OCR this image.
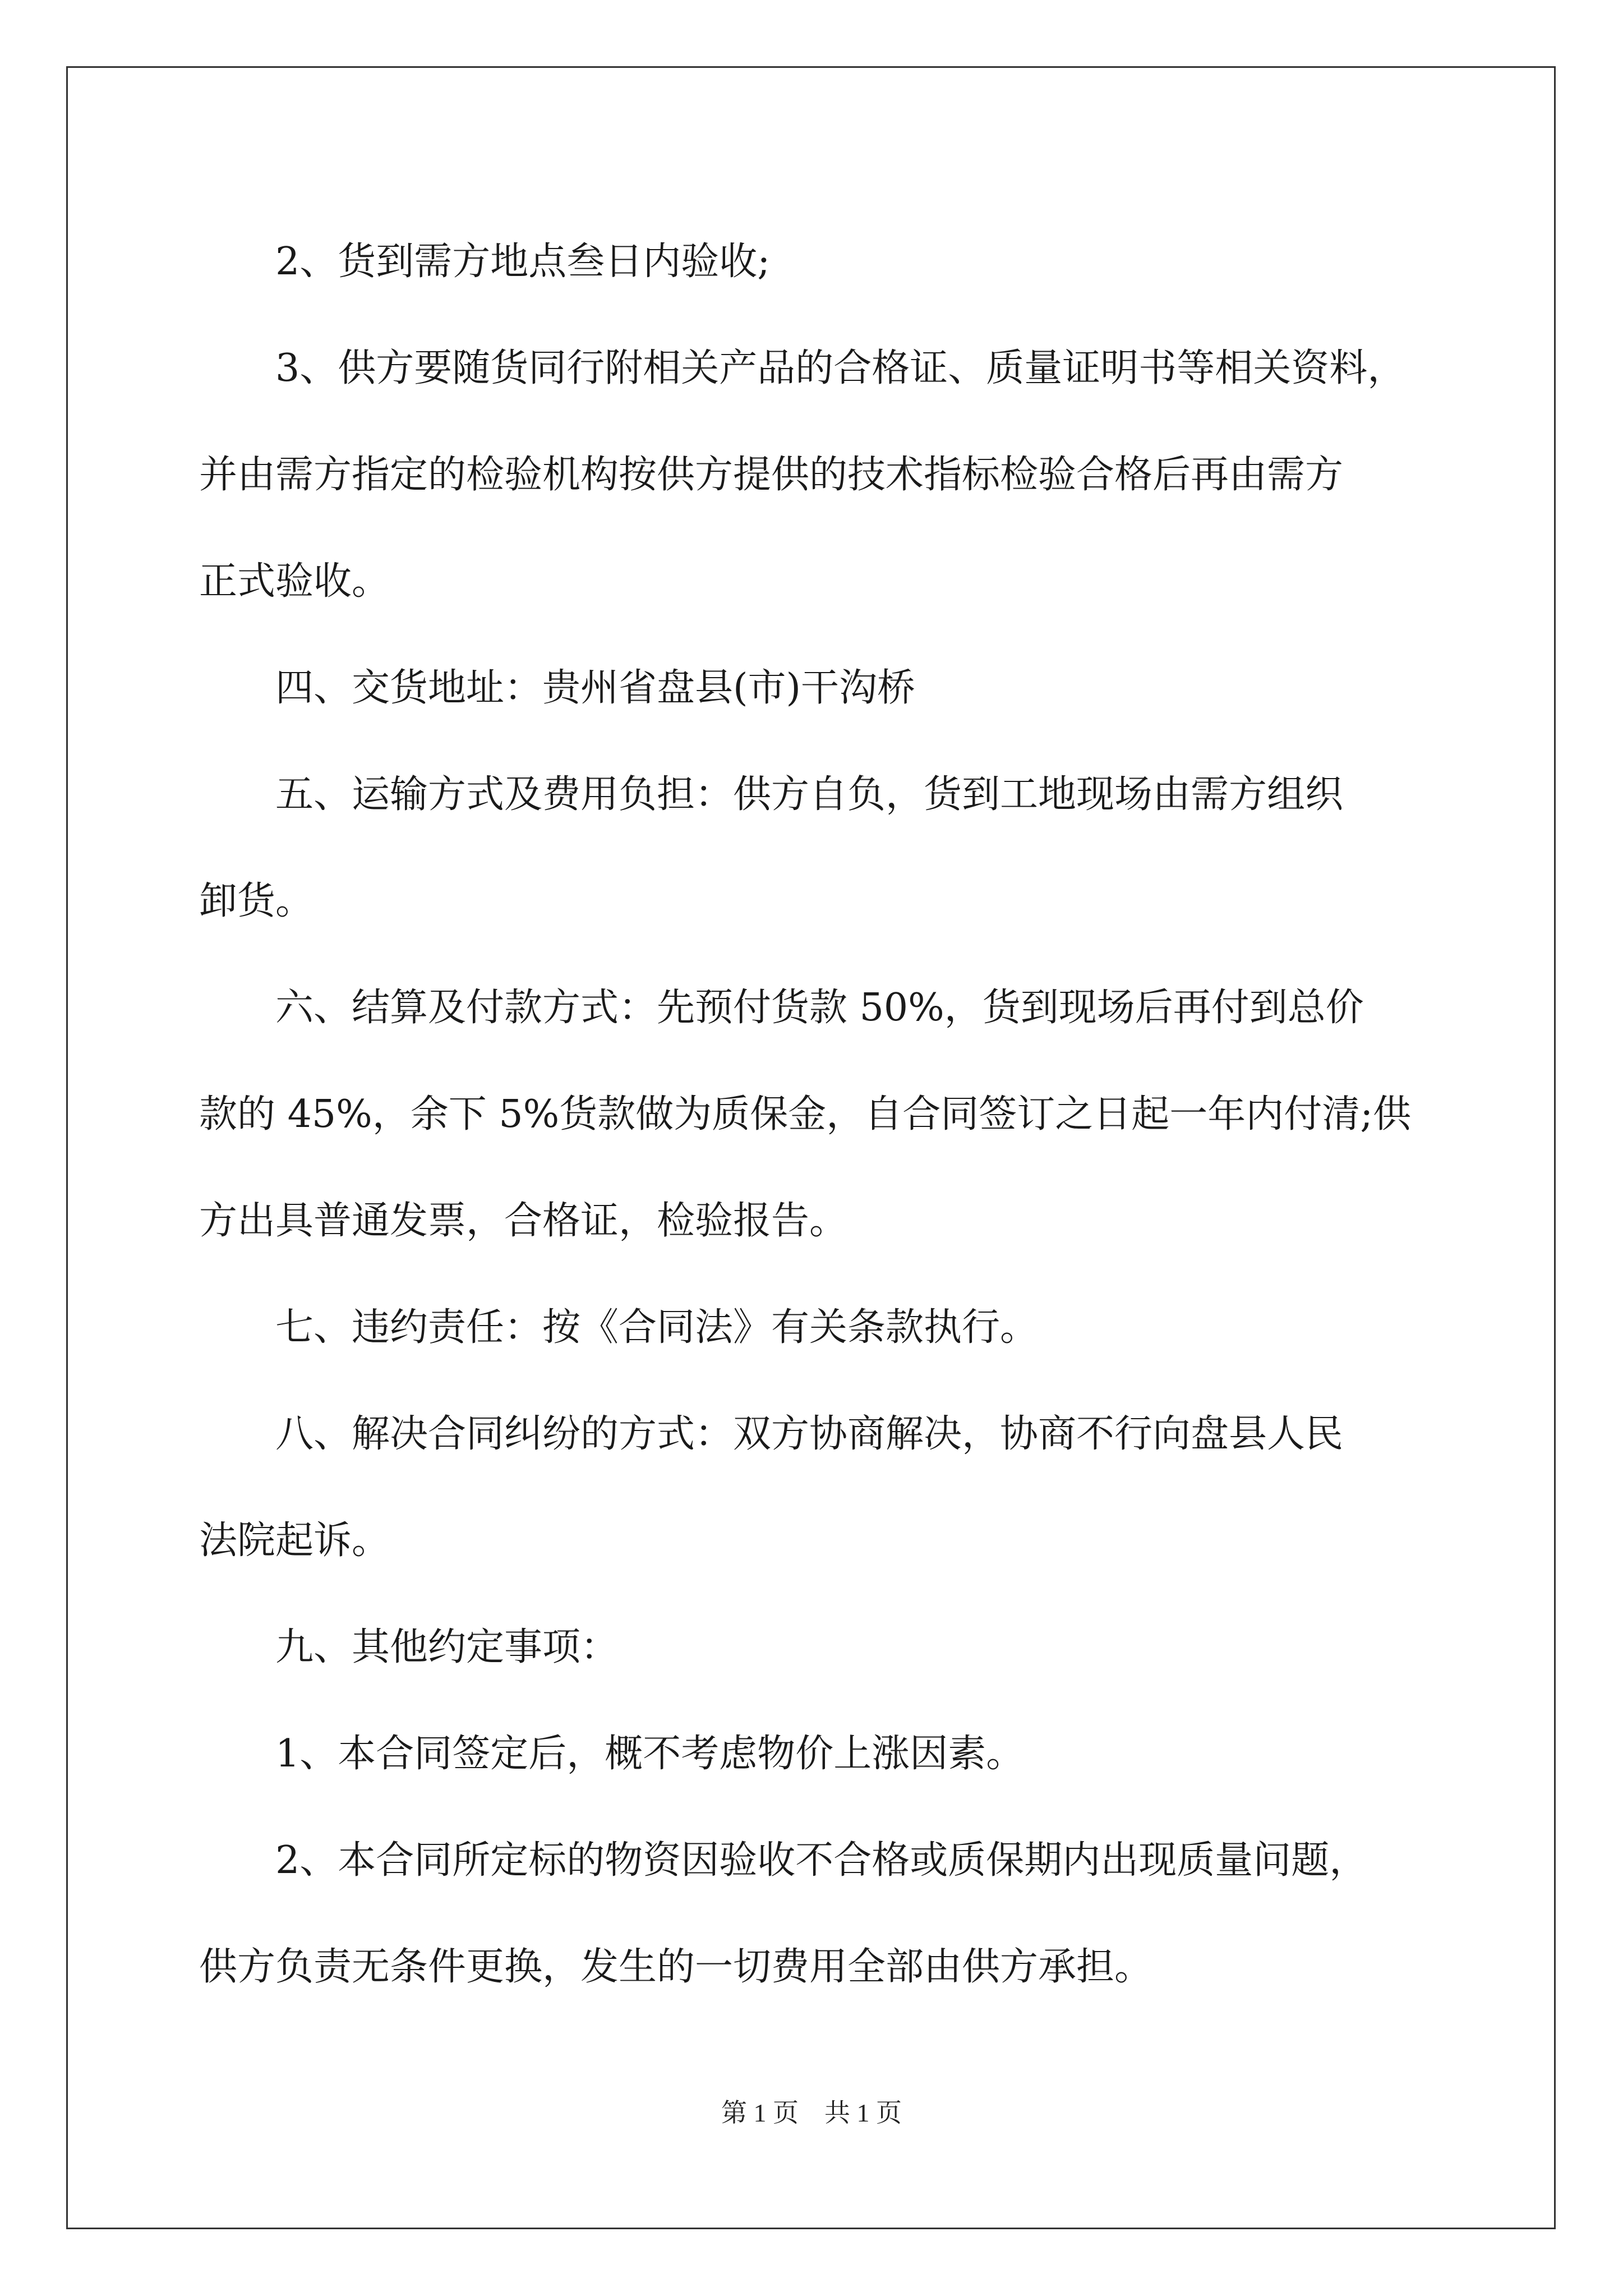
2、货到需方地点叁日内验收;

3、供方要随货同行附相关产品的合格证、质量证明书等相关资料，

并由需方指定的检验机构按供方提供的技术指标检验合格后再由需方

正式验收。

四、交货地址：贵州省盘县(市)干沟桥

五、运输方式及费用负担：供方自负，货到工地现场由需方组织

卸货。

六、结算及付款方式：先预付货款 50%，货到现场后再付到总价

款的 45%，余下 5%货款做为质保金，自合同签订之日起一年内付清;供

方出具普通发票，合格证，检验报告。

七、违约责任：按《合同法》有关条款执行。

八、解决合同纠纷的方式：双方协商解决，协商不行向盘县人民

法院起诉。

九、其他约定事项：

1、本合同签定后，概不考虑物价上涨因素。

2、本合同所定标的物资因验收不合格或质保期内出现质量问题，

供方负责无条件更换，发生的一切费用全部由供方承担。

第 1 页　共 1 页
